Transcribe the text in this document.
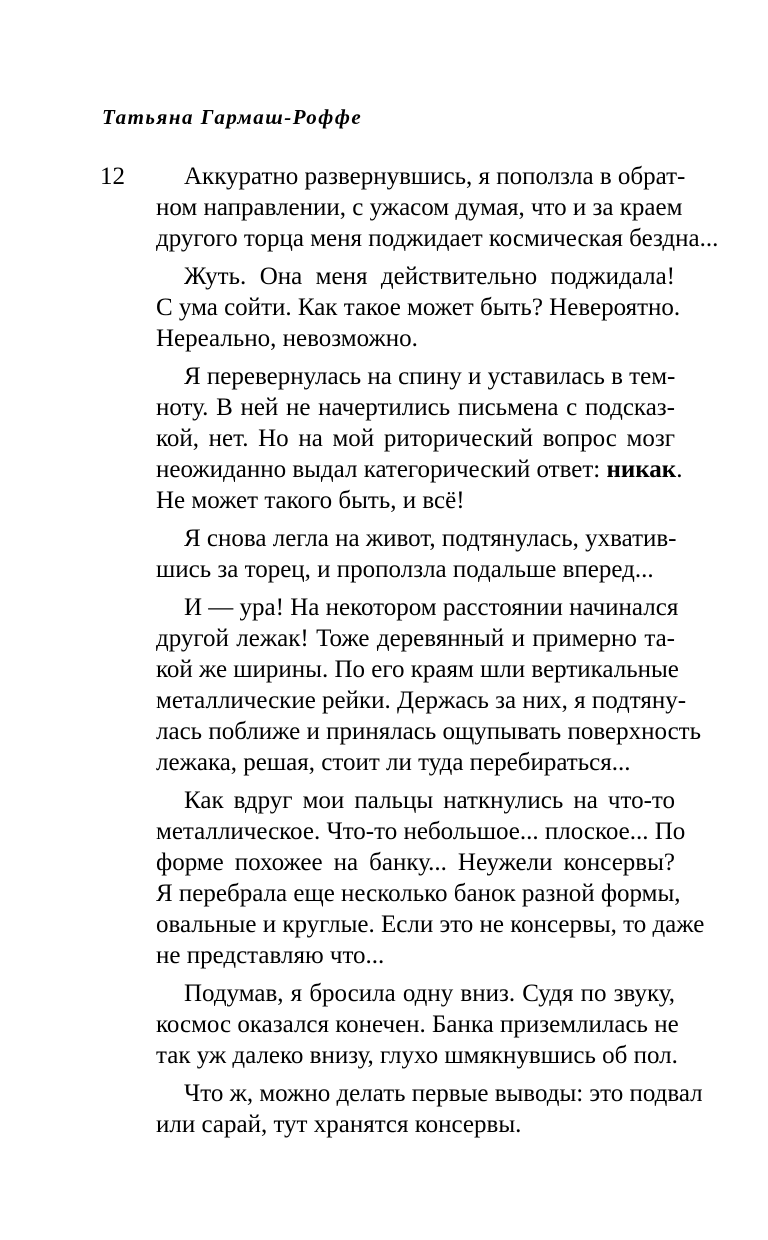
Татьяна Гармаш-Роффе
12	Аккуратно развернувшись, я поползла в обрат-
ном направлении, с ужасом думая, что и за краем
другого торца меня поджидает космическая бездна...
Жуть. Она меня действительно поджидала!
С ума сойти. Как такое может быть? Невероятно.
Нереально, невозможно.
Я перевернулась на спину и уставилась в тем-
ноту. В ней не начертились письмена с подсказ-
кой, нет. Но на мой риторический вопрос мозг
неожиданно выдал категорический ответ: никак.
Не может такого быть, и всё!
Я снова легла на живот, подтянулась, ухватив-
шись за торец, и проползла подальше вперед...
И — ура! На некотором расстоянии начинался
другой лежак! Тоже деревянный и примерно та-
кой же ширины. По его краям шли вертикальные
металлические рейки. Держась за них, я подтяну-
лась поближе и принялась ощупывать поверхность
лежака, решая, стоит ли туда перебираться...
Как вдруг мои пальцы наткнулись на что-то
металлическое. Что-то небольшое... плоское... По
форме похожее на банку... Неужели консервы?
Я перебрала еще несколько банок разной формы,
овальные и круглые. Если это не консервы, то даже
не представляю что...
Подумав, я бросила одну вниз. Судя по звуку,
космос оказался конечен. Банка приземлилась не
так уж далеко внизу, глухо шмякнувшись об пол.
Что ж, можно делать первые выводы: это подвал
или сарай, тут хранятся консервы.
